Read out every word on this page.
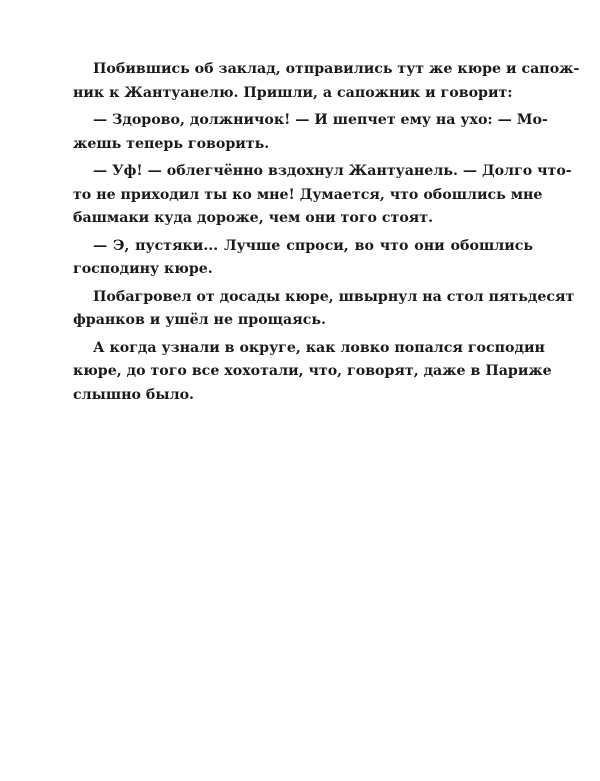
Побившись об заклад, отправились тут же кюре и сапож-
ник к Жантуанелю. Пришли, а сапожник и говорит:
— Здорово, должничок! — И шепчет ему на ухо: — Мо-
жешь теперь говорить.
— Уф! — облегчённо вздохнул Жантуанель. — Долго что-
то не приходил ты ко мне! Думается, что обошлись мне
башмаки куда дороже, чем они того стоят.
— Э, пустяки... Лучше спроси, во что они обошлись
господину кюре.
Побагровел от досады кюре, швырнул на стол пятьдесят
франков и ушёл не прощаясь.
А когда узнали в округе, как ловко попался господин
кюре, до того все хохотали, что, говорят, даже в Париже
слышно было.
